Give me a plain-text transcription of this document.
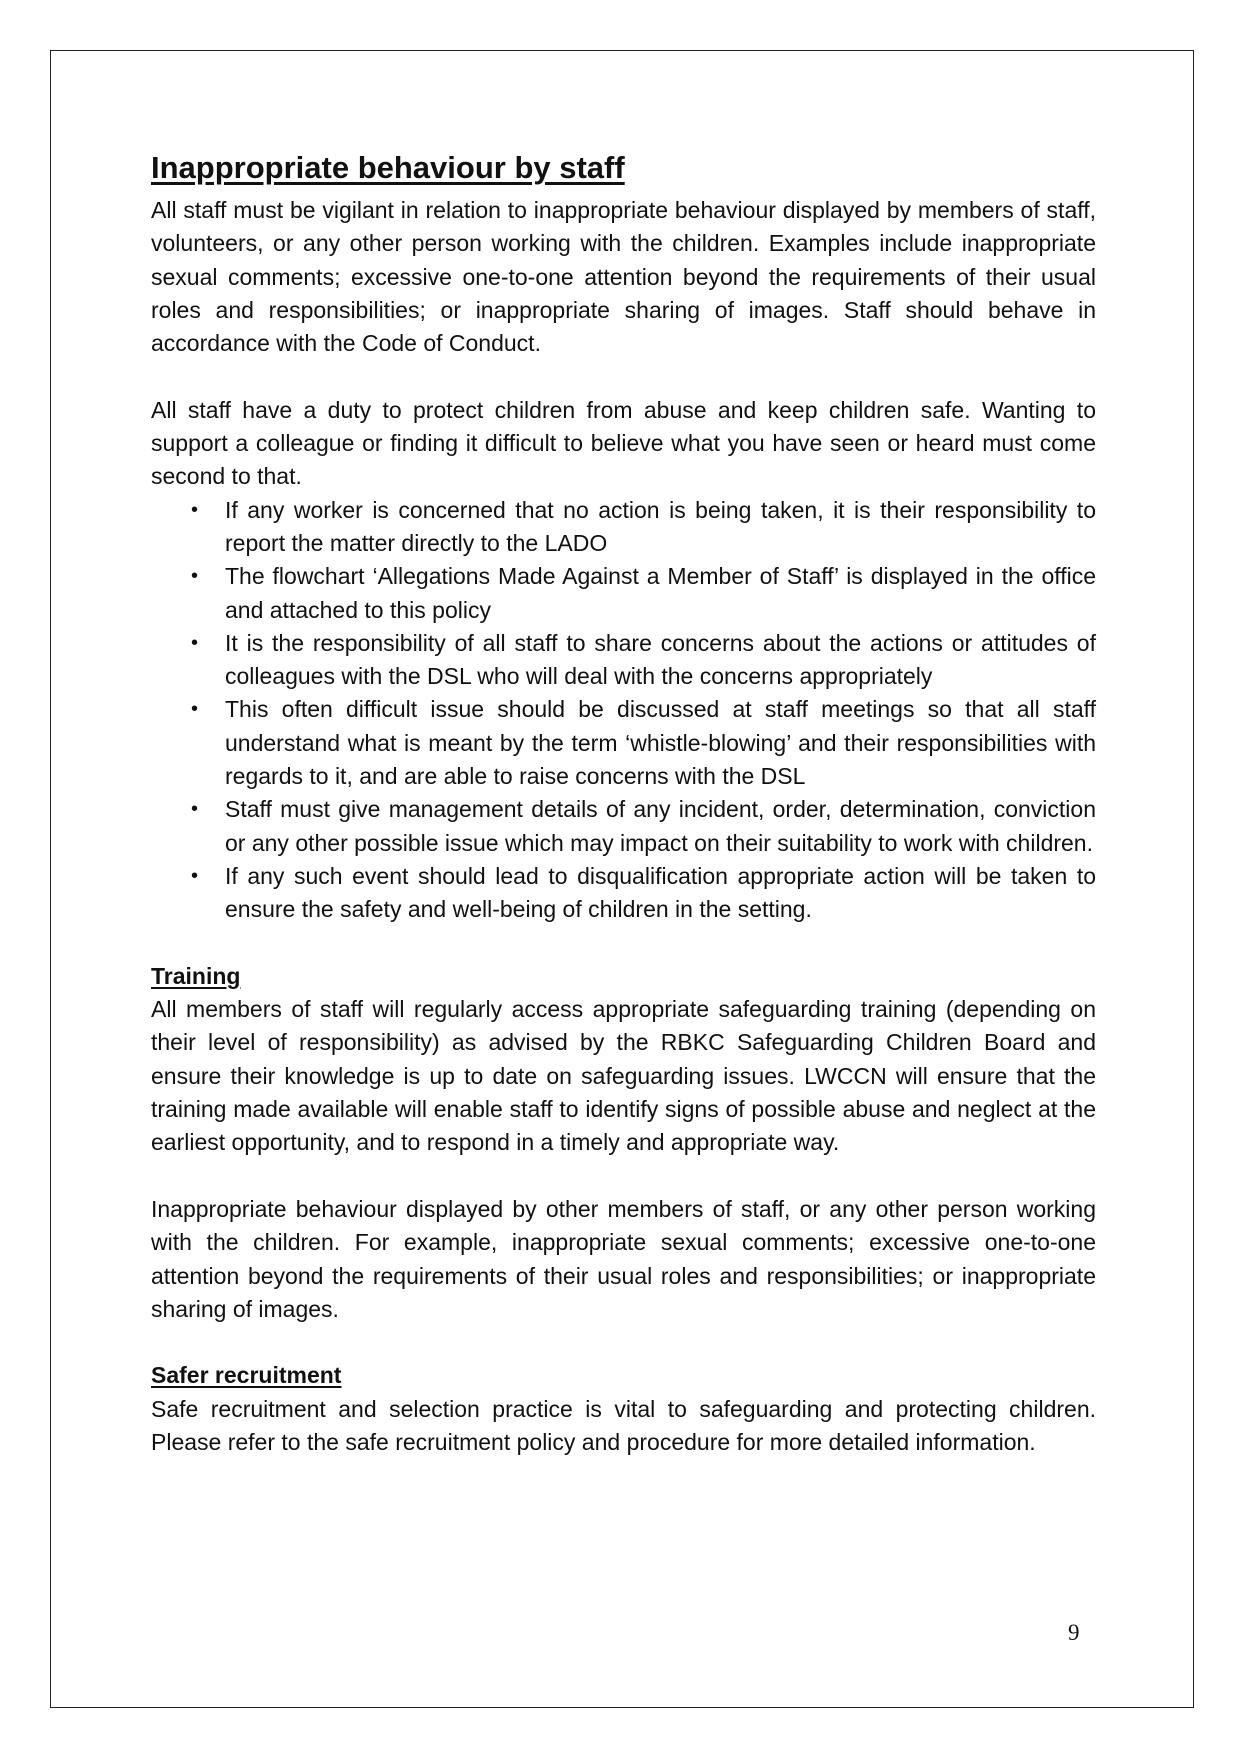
Inappropriate behaviour by staff

All staff must be vigilant in relation to inappropriate behaviour displayed by members of staff, volunteers, or any other person working with the children. Examples include inappropriate sexual comments; excessive one-to-one attention beyond the requirements of their usual roles and responsibilities; or inappropriate sharing of images. Staff should behave in accordance with the Code of Conduct.

All staff have a duty to protect children from abuse and keep children safe. Wanting to support a colleague or finding it difficult to believe what you have seen or heard must come second to that.

• If any worker is concerned that no action is being taken, it is their responsibility to report the matter directly to the LADO
• The flowchart ‘Allegations Made Against a Member of Staff’ is displayed in the office and attached to this policy
• It is the responsibility of all staff to share concerns about the actions or attitudes of colleagues with the DSL who will deal with the concerns appropriately
• This often difficult issue should be discussed at staff meetings so that all staff understand what is meant by the term ‘whistle-blowing’ and their responsibilities with regards to it, and are able to raise concerns with the DSL
• Staff must give management details of any incident, order, determination, conviction or any other possible issue which may impact on their suitability to work with children.
• If any such event should lead to disqualification appropriate action will be taken to ensure the safety and well-being of children in the setting.
Training

All members of staff will regularly access appropriate safeguarding training (depending on their level of responsibility) as advised by the RBKC Safeguarding Children Board and ensure their knowledge is up to date on safeguarding issues. LWCCN will ensure that the training made available will enable staff to identify signs of possible abuse and neglect at the earliest opportunity, and to respond in a timely and appropriate way.

Inappropriate behaviour displayed by other members of staff, or any other person working with the children. For example, inappropriate sexual comments; excessive one-to-one attention beyond the requirements of their usual roles and responsibilities; or inappropriate sharing of images.

Safer recruitment

Safe recruitment and selection practice is vital to safeguarding and protecting children. Please refer to the safe recruitment policy and procedure for more detailed information.

9
